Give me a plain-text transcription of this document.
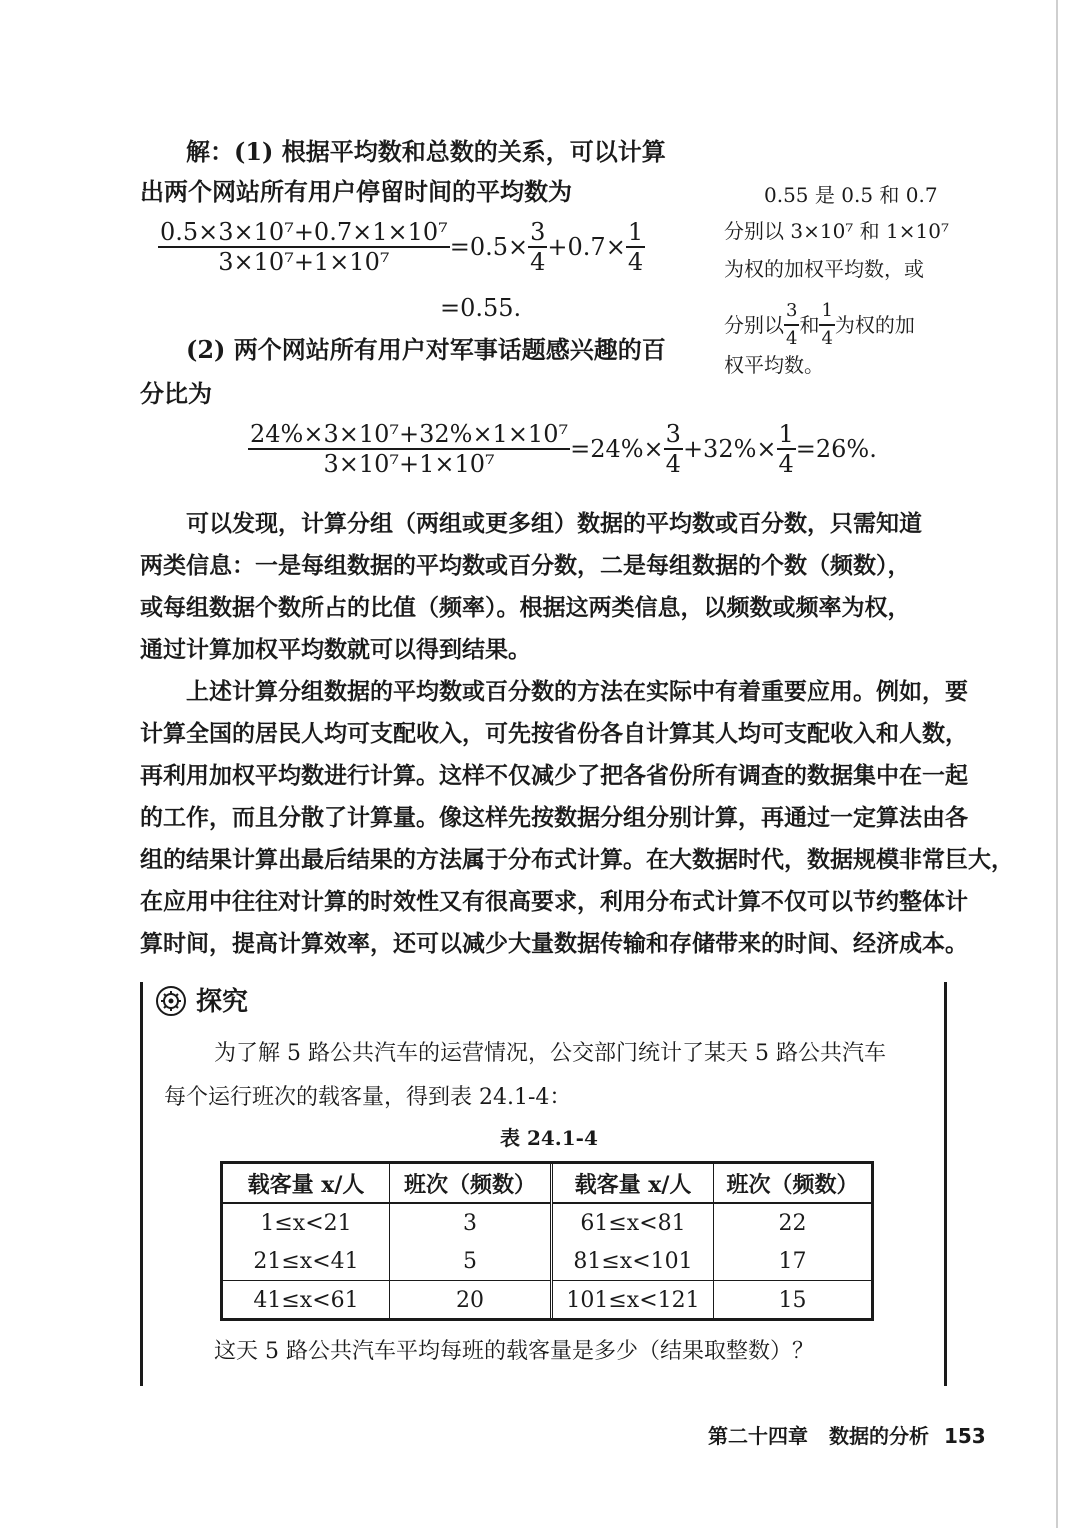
解：(1) 根据平均数和总数的关系，可以计算
出两个网站所有用户停留时间的平均数为
$\frac{\text{0.5×3×10⁷+0.7×1×10⁷}}{\text{3×10⁷+1×10⁷}} =0.5\times \frac{3}{4} +0.7\times \frac{1}{4}$
=0.55.
0.55 是 0.5 和 0.7
分别以 3×10⁷ 和 1×10⁷
为权的加权平均数，或
分别以 $\frac{3}{4}$ 和 $\frac{1}{4}$ 为权的加
权平均数。
(2) 两个网站所有用户对军事话题感兴趣的百
分比为
$\frac{\text{24\%×3×10⁷+32\%×1×10⁷}}{\text{3×10⁷+1×10⁷}} =24\%\times \frac{3}{4} +32\%\times \frac{1}{4} =26\%$.
可以发现，计算分组（两组或更多组）数据的平均数或百分数，只需知道
两类信息：一是每组数据的平均数或百分数，二是每组数据的个数（频数），
或每组数据个数所占的比值（频率）。根据这两类信息，以频数或频率为权，
通过计算加权平均数就可以得到结果。
上述计算分组数据的平均数或百分数的方法在实际中有着重要应用。例如，要
计算全国的居民人均可支配收入，可先按省份各自计算其人均可支配收入和人数，
再利用加权平均数进行计算。这样不仅减少了把各省份所有调查的数据集中在一起
的工作，而且分散了计算量。像这样先按数据分组分别计算，再通过一定算法由各
组的结果计算出最后结果的方法属于分布式计算。在大数据时代，数据规模非常巨大，
在应用中往往对计算的时效性又有很高要求，利用分布式计算不仅可以节约整体计
算时间，提高计算效率，还可以减少大量数据传输和存储带来的时间、经济成本。
探究
为了解 5 路公共汽车的运营情况，公交部门统计了某天 5 路公共汽车
每个运行班次的载客量，得到表 24.1-4：
表 24.1-4
载客量 x/人	班次（频数）	载客量 x/人	班次（频数）
1≤x<21	3	61≤x<81	22
21≤x<41	5	81≤x<101	17
41≤x<61	20	101≤x<121	15
这天 5 路公共汽车平均每班的载客量是多少（结果取整数）？
第二十四章 数据的分析 153
